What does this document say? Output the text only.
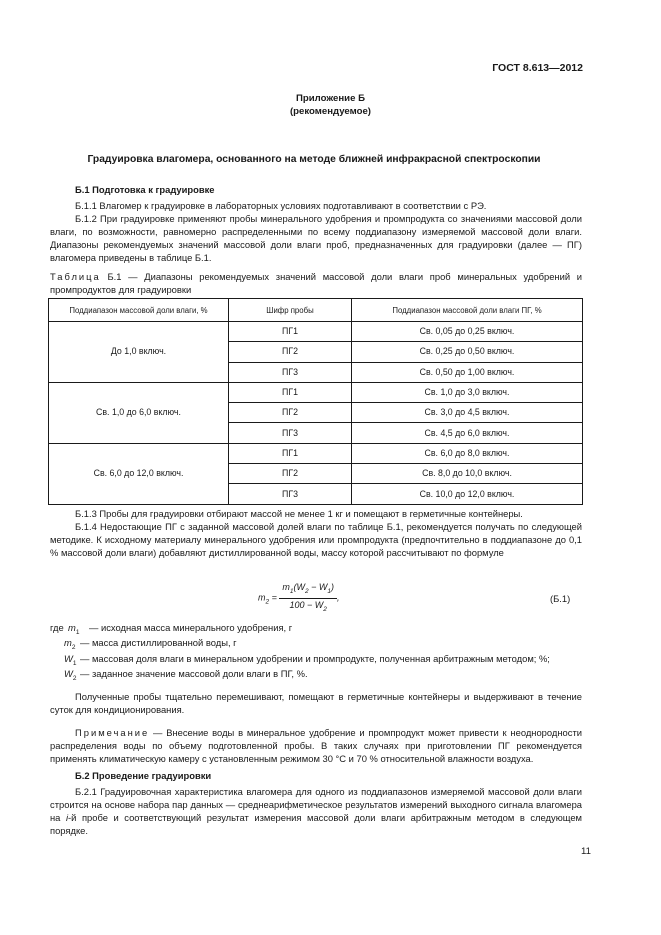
ГОСТ 8.613—2012
Приложение Б
(рекомендуемое)
Градуировка влагомера, основанного на методе ближней инфракрасной спектроскопии

Б.1 Подготовка к градуировке

Б.1.1 Влагомер к градуировке в лабораторных условиях подготавливают в соответствии с РЭ.

Б.1.2 При градуировке применяют пробы минерального удобрения и промпродукта со значениями массовой доли влаги, по возможности, равномерно распределенными по всему поддиапазону измеряемой массовой доли влаги. Диапазоны рекомендуемых значений массовой доли влаги проб, предназначенных для градуировки (далее — ПГ) влагомера приведены в таблице Б.1.

Таблица Б.1 — Диапазоны рекомендуемых значений массовой доли влаги проб минеральных удобрений и промпродуктов для градуировки
Поддиапазон массовой доли влаги, %	Шифр пробы	Поддиапазон массовой доли влаги ПГ, %
До 1,0 включ.	ПГ1	Св. 0,05 до 0,25 включ.
	ПГ2	Св. 0,25 до 0,50 включ.
	ПГ3	Св. 0,50 до 1,00 включ.
Св. 1,0 до 6,0 включ.	ПГ1	Св. 1,0 до 3,0 включ.
	ПГ2	Св. 3,0 до 4,5 включ.
	ПГ3	Св. 4,5 до 6,0 включ.
Св. 6,0 до 12,0 включ.	ПГ1	Св. 6,0 до 8,0 включ.
	ПГ2	Св. 8,0 до 10,0 включ.
	ПГ3	Св. 10,0 до 12,0 включ.

Б.1.3 Пробы для градуировки отбирают массой не менее 1 кг и помещают в герметичные контейнеры.

Б.1.4 Недостающие ПГ с заданной массовой долей влаги по таблице Б.1, рекомендуется получать по следующей методике. К исходному материалу минерального удобрения или промпродукта (предпочтительно в поддиапазоне до 0,1 % массовой доли влаги) добавляют дистиллированной воды, массу которой рассчитывают по формуле

$m_2 = \frac{m_1(W_2 - W_1)}{100 - W_2}$ ,	(Б.1)
где $m_1$	— исходная масса минерального удобрения, г
$m_2$ — масса дистиллированной воды, г
$W_1$ — массовая доля влаги в минеральном удобрении и промпродукте, полученная арбитражным методом; %;
$W_2$ — заданное значение массовой доли влаги в ПГ, %.

Полученные пробы тщательно перемешивают, помещают в герметичные контейнеры и выдерживают в течение суток для кондиционирования.

Примечание — Внесение воды в минеральное удобрение и промпродукт может привести к неоднородности распределения воды по объему подготовленной пробы. В таких случаях при приготовлении ПГ рекомендуется применять климатическую камеру с установленным режимом 30 °С и 70 % относительной влажности воздуха.

Б.2 Проведение градуировки

Б.2.1 Градуировочная характеристика влагомера для одного из поддиапазонов измеряемой массовой доли влаги строится на основе набора пар данных — среднеарифметическое результатов измерений выходного сигнала влагомера на i-й пробе и соответствующий результат измерения массовой доли влаги арбитражным методом в следующем порядке.

11
